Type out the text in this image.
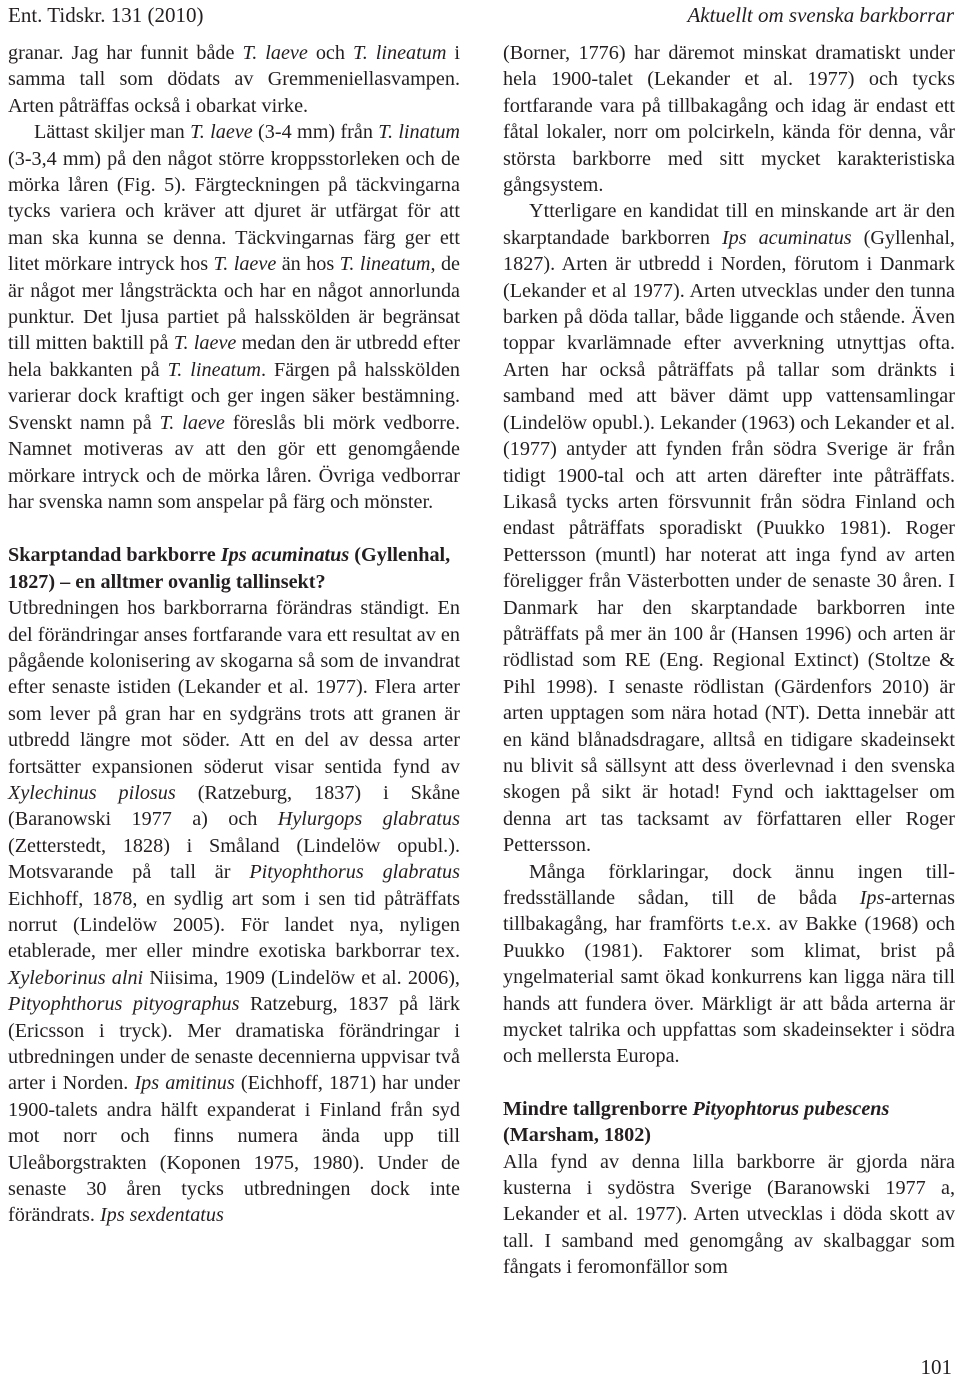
Ent. Tidskr. 131 (2010)	Aktuellt om svenska barkborrar

granar. Jag har funnit både T. laeve och T. lineatum i samma tall som dödats av Gremmeniellasvampen. Arten påträffas också i obarkat virke.

Lättast skiljer man T. laeve (3-4 mm) från T. linatum (3-3,4 mm) på den något större kroppsstorleken och de mörka låren (Fig. 5). Färgteckningen på täckvingarna tycks variera och kräver att djuret är utfärgat för att man ska kunna se denna. Täckvingarnas färg ger ett litet mörkare intryck hos T. laeve än hos T. lineatum, de är något mer långsträckta och har en något annorlunda punktur. Det ljusa partiet på halsskölden är begränsat till mitten baktill på T. laeve medan den är utbredd efter hela bakkanten på T. lineatum. Färgen på halsskölden varierar dock kraftigt och ger ingen säker bestämning. Svenskt namn på T. laeve föreslås bli mörk vedborre. Namnet motiveras av att den gör ett genomgående mörkare intryck och de mörka låren. Övriga vedborrar har svenska namn som anspelar på färg och mönster.

Skarptandad barkborre Ips acuminatus (Gyllenhal, 1827) – en alltmer ovanlig tallinsekt?

Utbredningen hos barkborrarna förändras ständigt. En del förändringar anses fortfarande vara ett resultat av en pågående kolonisering av skogarna så som de invandrat efter senaste istiden (Lekander et al. 1977). Flera arter som lever på gran har en sydgräns trots att granen är utbredd längre mot söder. Att en del av dessa arter fortsätter expansionen söderut visar sentida fynd av Xylechinus pilosus (Ratzeburg, 1837) i Skåne (Baranowski 1977 a) och Hylurgops glabratus (Zetterstedt, 1828) i Småland (Lindelöw opubl.). Motsvarande på tall är Pityophthorus glabratus Eichhoff, 1878, en sydlig art som i sen tid påträffats norrut (Lindelöw 2005). För landet nya, nyligen etablerade, mer eller mindre exotiska barkborrar tex. Xyleborinus alni Niisima, 1909 (Lindelöw et al. 2006), Pityophthorus pityographus Ratzeburg, 1837 på lärk (Ericsson i tryck). Mer dramatiska förändringar i utbredningen under de senaste decennierna uppvisar två arter i Norden. Ips amitinus (Eichhoff, 1871) har under 1900-talets andra hälft expanderat i Finland från syd mot norr och finns numera ända upp till Uleåborgstrakten (Koponen 1975, 1980). Under de senaste 30 åren tycks utbredningen dock inte förändrats. Ips sexdentatus

(Borner, 1776) har däremot minskat dramatiskt under hela 1900-talet (Lekander et al. 1977) och tycks fortfarande vara på tillbakagång och idag är endast ett fåtal lokaler, norr om polcirkeln, kända för denna, vår största barkborre med sitt mycket karakteristiska gångsystem.

Ytterligare en kandidat till en minskande art är den skarptandade barkborren Ips acuminatus (Gyllenhal, 1827). Arten är utbredd i Norden, förutom i Danmark (Lekander et al 1977). Arten utvecklas under den tunna barken på döda tallar, både liggande och stående. Även toppar kvarlämnade efter avverkning utnyttjas ofta. Arten har också påträffats på tallar som dränkts i samband med att bäver dämt upp vattensamlingar (Lindelöw opubl.). Lekander (1963) och Lekander et al. (1977) antyder att fynden från södra Sverige är från tidigt 1900-tal och att arten därefter inte påträffats. Likaså tycks arten försvunnit från södra Finland och endast påträffats sporadiskt (Puukko 1981). Roger Pettersson (muntl) har noterat att inga fynd av arten föreligger från Västerbotten under de senaste 30 åren. I Danmark har den skarptandade barkborren inte påträffats på mer än 100 år (Hansen 1996) och arten är rödlistad som RE (Eng. Regional Extinct) (Stoltze & Pihl 1998). I senaste rödlistan (Gärdenfors 2010) är arten upptagen som nära hotad (NT). Detta innebär att en känd blånadsdragare, alltså en tidigare skadeinsekt nu blivit så sällsynt att dess överlevnad i den svenska skogen på sikt är hotad! Fynd och iakttagelser om denna art tas tacksamt av författaren eller Roger Pettersson.

Många förklaringar, dock ännu ingen tillfredsställande sådan, till de båda Ips-arternas tillbakagång, har framförts t.e.x. av Bakke (1968) och Puukko (1981). Faktorer som klimat, brist på yngelmaterial samt ökad konkurrens kan ligga nära till hands att fundera över. Märkligt är att båda arterna är mycket talrika och uppfattas som skadeinsekter i södra och mellersta Europa.

Mindre tallgrenborre Pityophtorus pubescens (Marsham, 1802)

Alla fynd av denna lilla barkborre är gjorda nära kusterna i sydöstra Sverige (Baranowski 1977 a, Lekander et al. 1977). Arten utvecklas i döda skott av tall. I samband med genomgång av skalbaggar som fångats i feromonfällor som

101
